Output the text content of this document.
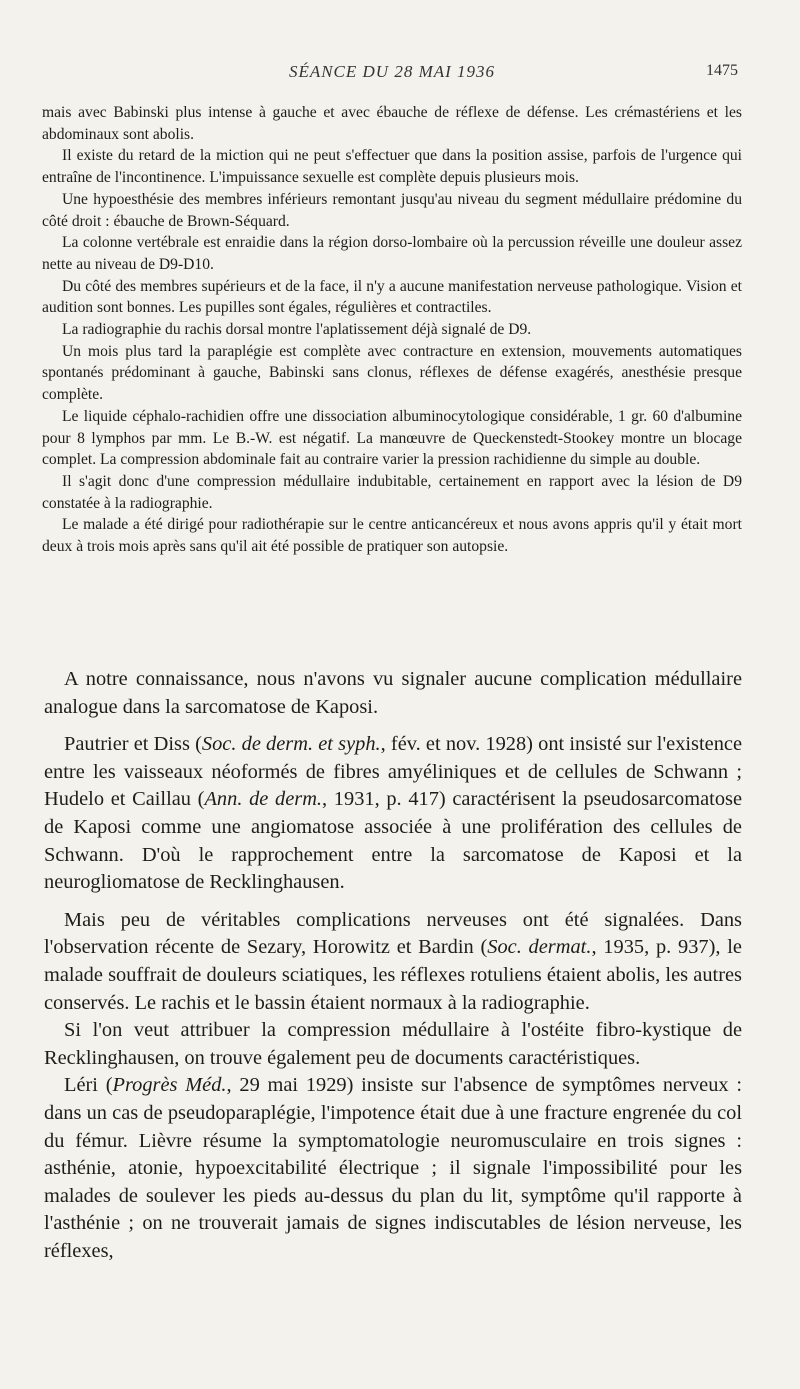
SÉANCE DU 28 MAI 1936	1475

mais avec Babinski plus intense à gauche et avec ébauche de réflexe de défense. Les crémastériens et les abdominaux sont abolis.

Il existe du retard de la miction qui ne peut s'effectuer que dans la position assise, parfois de l'urgence qui entraîne de l'incontinence. L'impuissance sexuelle est complète depuis plusieurs mois.

Une hypoesthésie des membres inférieurs remontant jusqu'au niveau du segment médullaire prédomine du côté droit : ébauche de Brown-Séquard.

La colonne vertébrale est enraidie dans la région dorso-lombaire où la percussion réveille une douleur assez nette au niveau de D9-D10.

Du côté des membres supérieurs et de la face, il n'y a aucune manifestation nerveuse pathologique. Vision et audition sont bonnes. Les pupilles sont égales, régulières et contractiles.

La radiographie du rachis dorsal montre l'aplatissement déjà signalé de D9.

Un mois plus tard la paraplégie est complète avec contracture en extension, mouvements automatiques spontanés prédominant à gauche, Babinski sans clonus, réflexes de défense exagérés, anesthésie presque complète.

Le liquide céphalo-rachidien offre une dissociation albuminocytologique considérable, 1 gr. 60 d'albumine pour 8 lymphos par mm. Le B.-W. est négatif. La manœuvre de Queckenstedt-Stookey montre un blocage complet. La compression abdominale fait au contraire varier la pression rachidienne du simple au double.

Il s'agit donc d'une compression médullaire indubitable, certainement en rapport avec la lésion de D9 constatée à la radiographie.

Le malade a été dirigé pour radiothérapie sur le centre anticancéreux et nous avons appris qu'il y était mort deux à trois mois après sans qu'il ait été possible de pratiquer son autopsie.

A notre connaissance, nous n'avons vu signaler aucune complication médullaire analogue dans la sarcomatose de Kaposi.

Pautrier et Diss (Soc. de derm. et syph., fév. et nov. 1928) ont insisté sur l'existence entre les vaisseaux néoformés de fibres amyéliniques et de cellules de Schwann ; Hudelo et Caillau (Ann. de derm., 1931, p. 417) caractérisent la pseudosarcomatose de Kaposi comme une angiomatose associée à une prolifération des cellules de Schwann. D'où le rapprochement entre la sarcomatose de Kaposi et la neurogliomatose de Recklinghausen.

Mais peu de véritables complications nerveuses ont été signalées. Dans l'observation récente de Sezary, Horowitz et Bardin (Soc. dermat., 1935, p. 937), le malade souffrait de douleurs sciatiques, les réflexes rotuliens étaient abolis, les autres conservés. Le rachis et le bassin étaient normaux à la radiographie.

Si l'on veut attribuer la compression médullaire à l'ostéite fibro-kystique de Recklinghausen, on trouve également peu de documents caractéristiques.

Léri (Progrès Méd., 29 mai 1929) insiste sur l'absence de symptômes nerveux : dans un cas de pseudoparaplégie, l'impotence était due à une fracture engrenée du col du fémur. Lièvre résume la symptomatologie neuromusculaire en trois signes : asthénie, atonie, hypoexcitabilité électrique ; il signale l'impossibilité pour les malades de soulever les pieds au-dessus du plan du lit, symptôme qu'il rapporte à l'asthénie ; on ne trouverait jamais de signes indiscutables de lésion nerveuse, les réflexes,
